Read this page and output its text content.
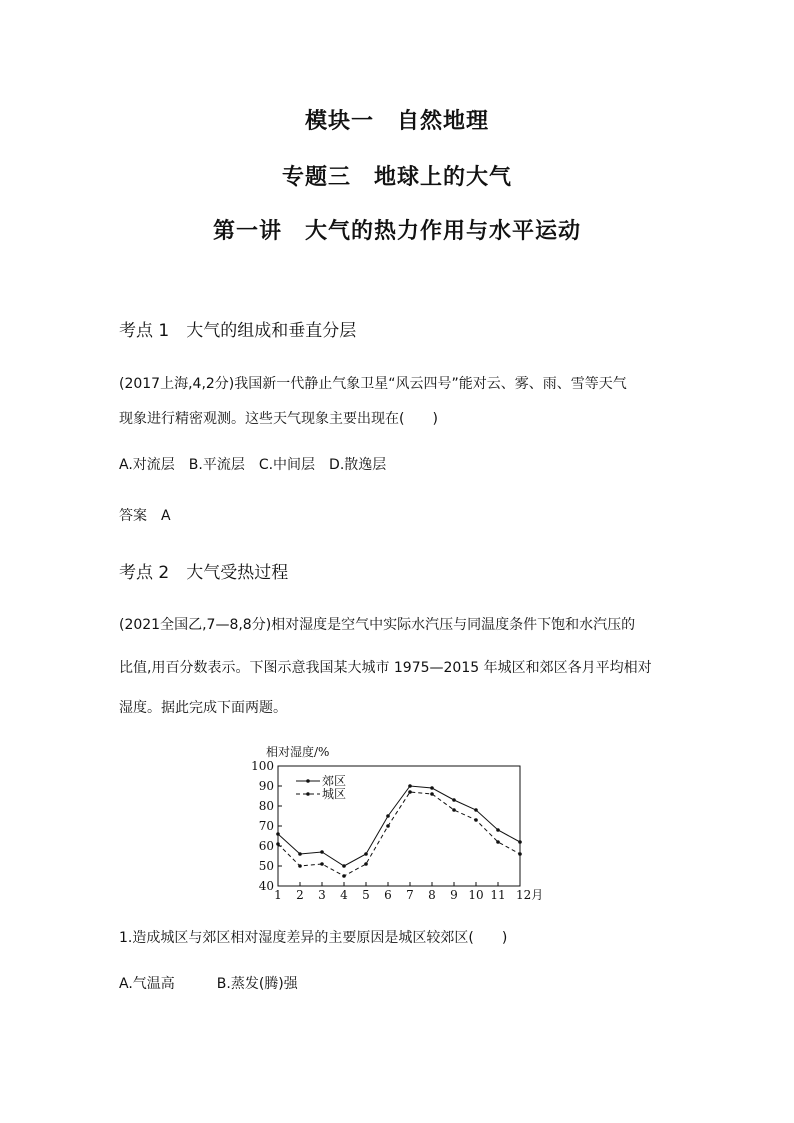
模块一　自然地理
专题三　地球上的大气
第一讲　大气的热力作用与水平运动
考点 1　大气的组成和垂直分层
(2017上海,4,2分)我国新一代静止气象卫星“风云四号”能对云、雾、雨、雪等天气
现象进行精密观测。这些天气现象主要出现在(　　)
A.对流层　B.平流层　C.中间层　D.散逸层
答案　A
考点 2　大气受热过程
(2021全国乙,7—8,8分)相对湿度是空气中实际水汽压与同温度条件下饱和水汽压的
比值,用百分数表示。下图示意我国某大城市 1975—2015 年城区和郊区各月平均相对
湿度。据此完成下面两题。
相对湿度/%
40
50
60
70
80
90
100
1 2 3 4 5 6 7 8 9 10 11 12月
郊区
城区
1.造成城区与郊区相对湿度差异的主要原因是城区较郊区(　　)
A.气温高　　　B.蒸发(腾)强
